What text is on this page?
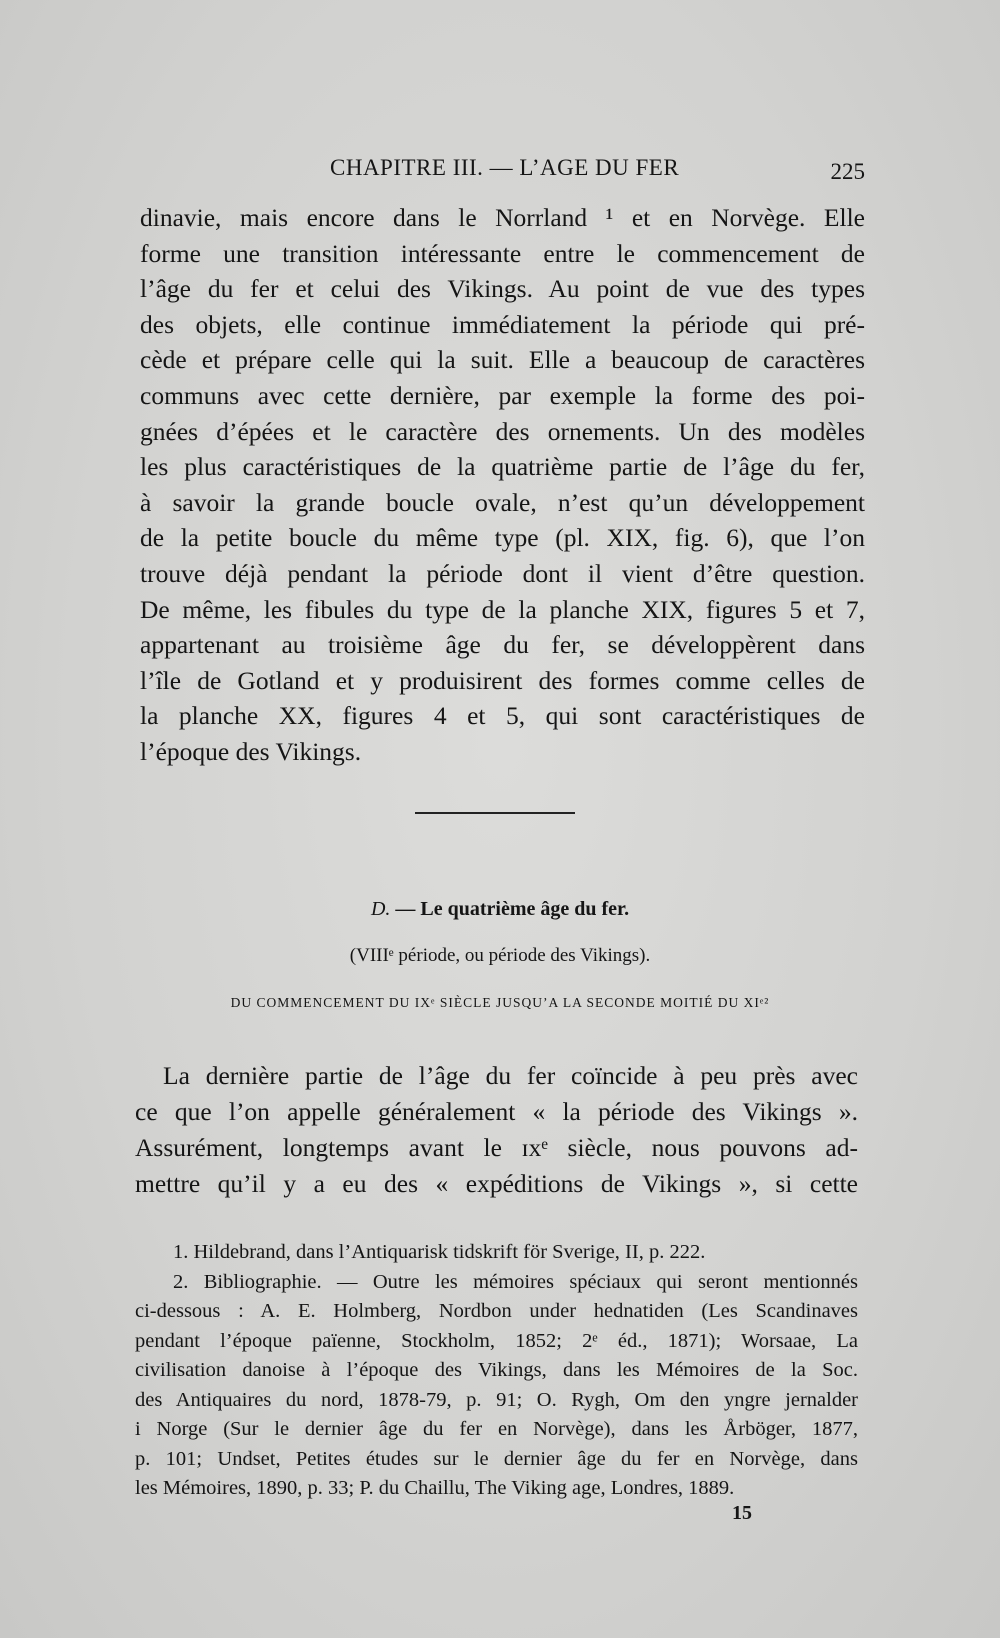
CHAPITRE III. — L’AGE DU FER	225
dinavie, mais encore dans le Norrland ¹ et en Norvège. Elle
forme une transition intéressante entre le commencement de
l’âge du fer et celui des Vikings. Au point de vue des types
des objets, elle continue immédiatement la période qui pré-
cède et prépare celle qui la suit. Elle a beaucoup de caractères
communs avec cette dernière, par exemple la forme des poi-
gnées d’épées et le caractère des ornements. Un des modèles
les plus caractéristiques de la quatrième partie de l’âge du fer,
à savoir la grande boucle ovale, n’est qu’un développement
de la petite boucle du même type (pl. XIX, fig. 6), que l’on
trouve déjà pendant la période dont il vient d’être question.
De même, les fibules du type de la planche XIX, figures 5 et 7,
appartenant au troisième âge du fer, se développèrent dans
l’île de Gotland et y produisirent des formes comme celles de
la planche XX, figures 4 et 5, qui sont caractéristiques de
l’époque des Vikings.
D. — Le quatrième âge du fer.
(VIIIᵉ période, ou période des Vikings).
DU COMMENCEMENT DU IXᵉ SIÈCLE JUSQU’A LA SECONDE MOITIÉ DU XIᵉ²
La dernière partie de l’âge du fer coïncide à peu près avec
ce que l’on appelle généralement « la période des Vikings ».
Assurément, longtemps avant le ɪxᵉ siècle, nous pouvons ad-
mettre qu’il y a eu des « expéditions de Vikings », si cette
1. Hildebrand, dans l’Antiquarisk tidskrift för Sverige, II, p. 222.
2. Bibliographie. — Outre les mémoires spéciaux qui seront mentionnés
ci-dessous : A. E. Holmberg, Nordbon under hednatiden (Les Scandinaves
pendant l’époque païenne, Stockholm, 1852; 2ᵉ éd., 1871); Worsaae, La
civilisation danoise à l’époque des Vikings, dans les Mémoires de la Soc.
des Antiquaires du nord, 1878-79, p. 91; O. Rygh, Om den yngre jernalder
i Norge (Sur le dernier âge du fer en Norvège), dans les Årböger, 1877,
p. 101; Undset, Petites études sur le dernier âge du fer en Norvège, dans
les Mémoires, 1890, p. 33; P. du Chaillu, The Viking age, Londres, 1889.
15
